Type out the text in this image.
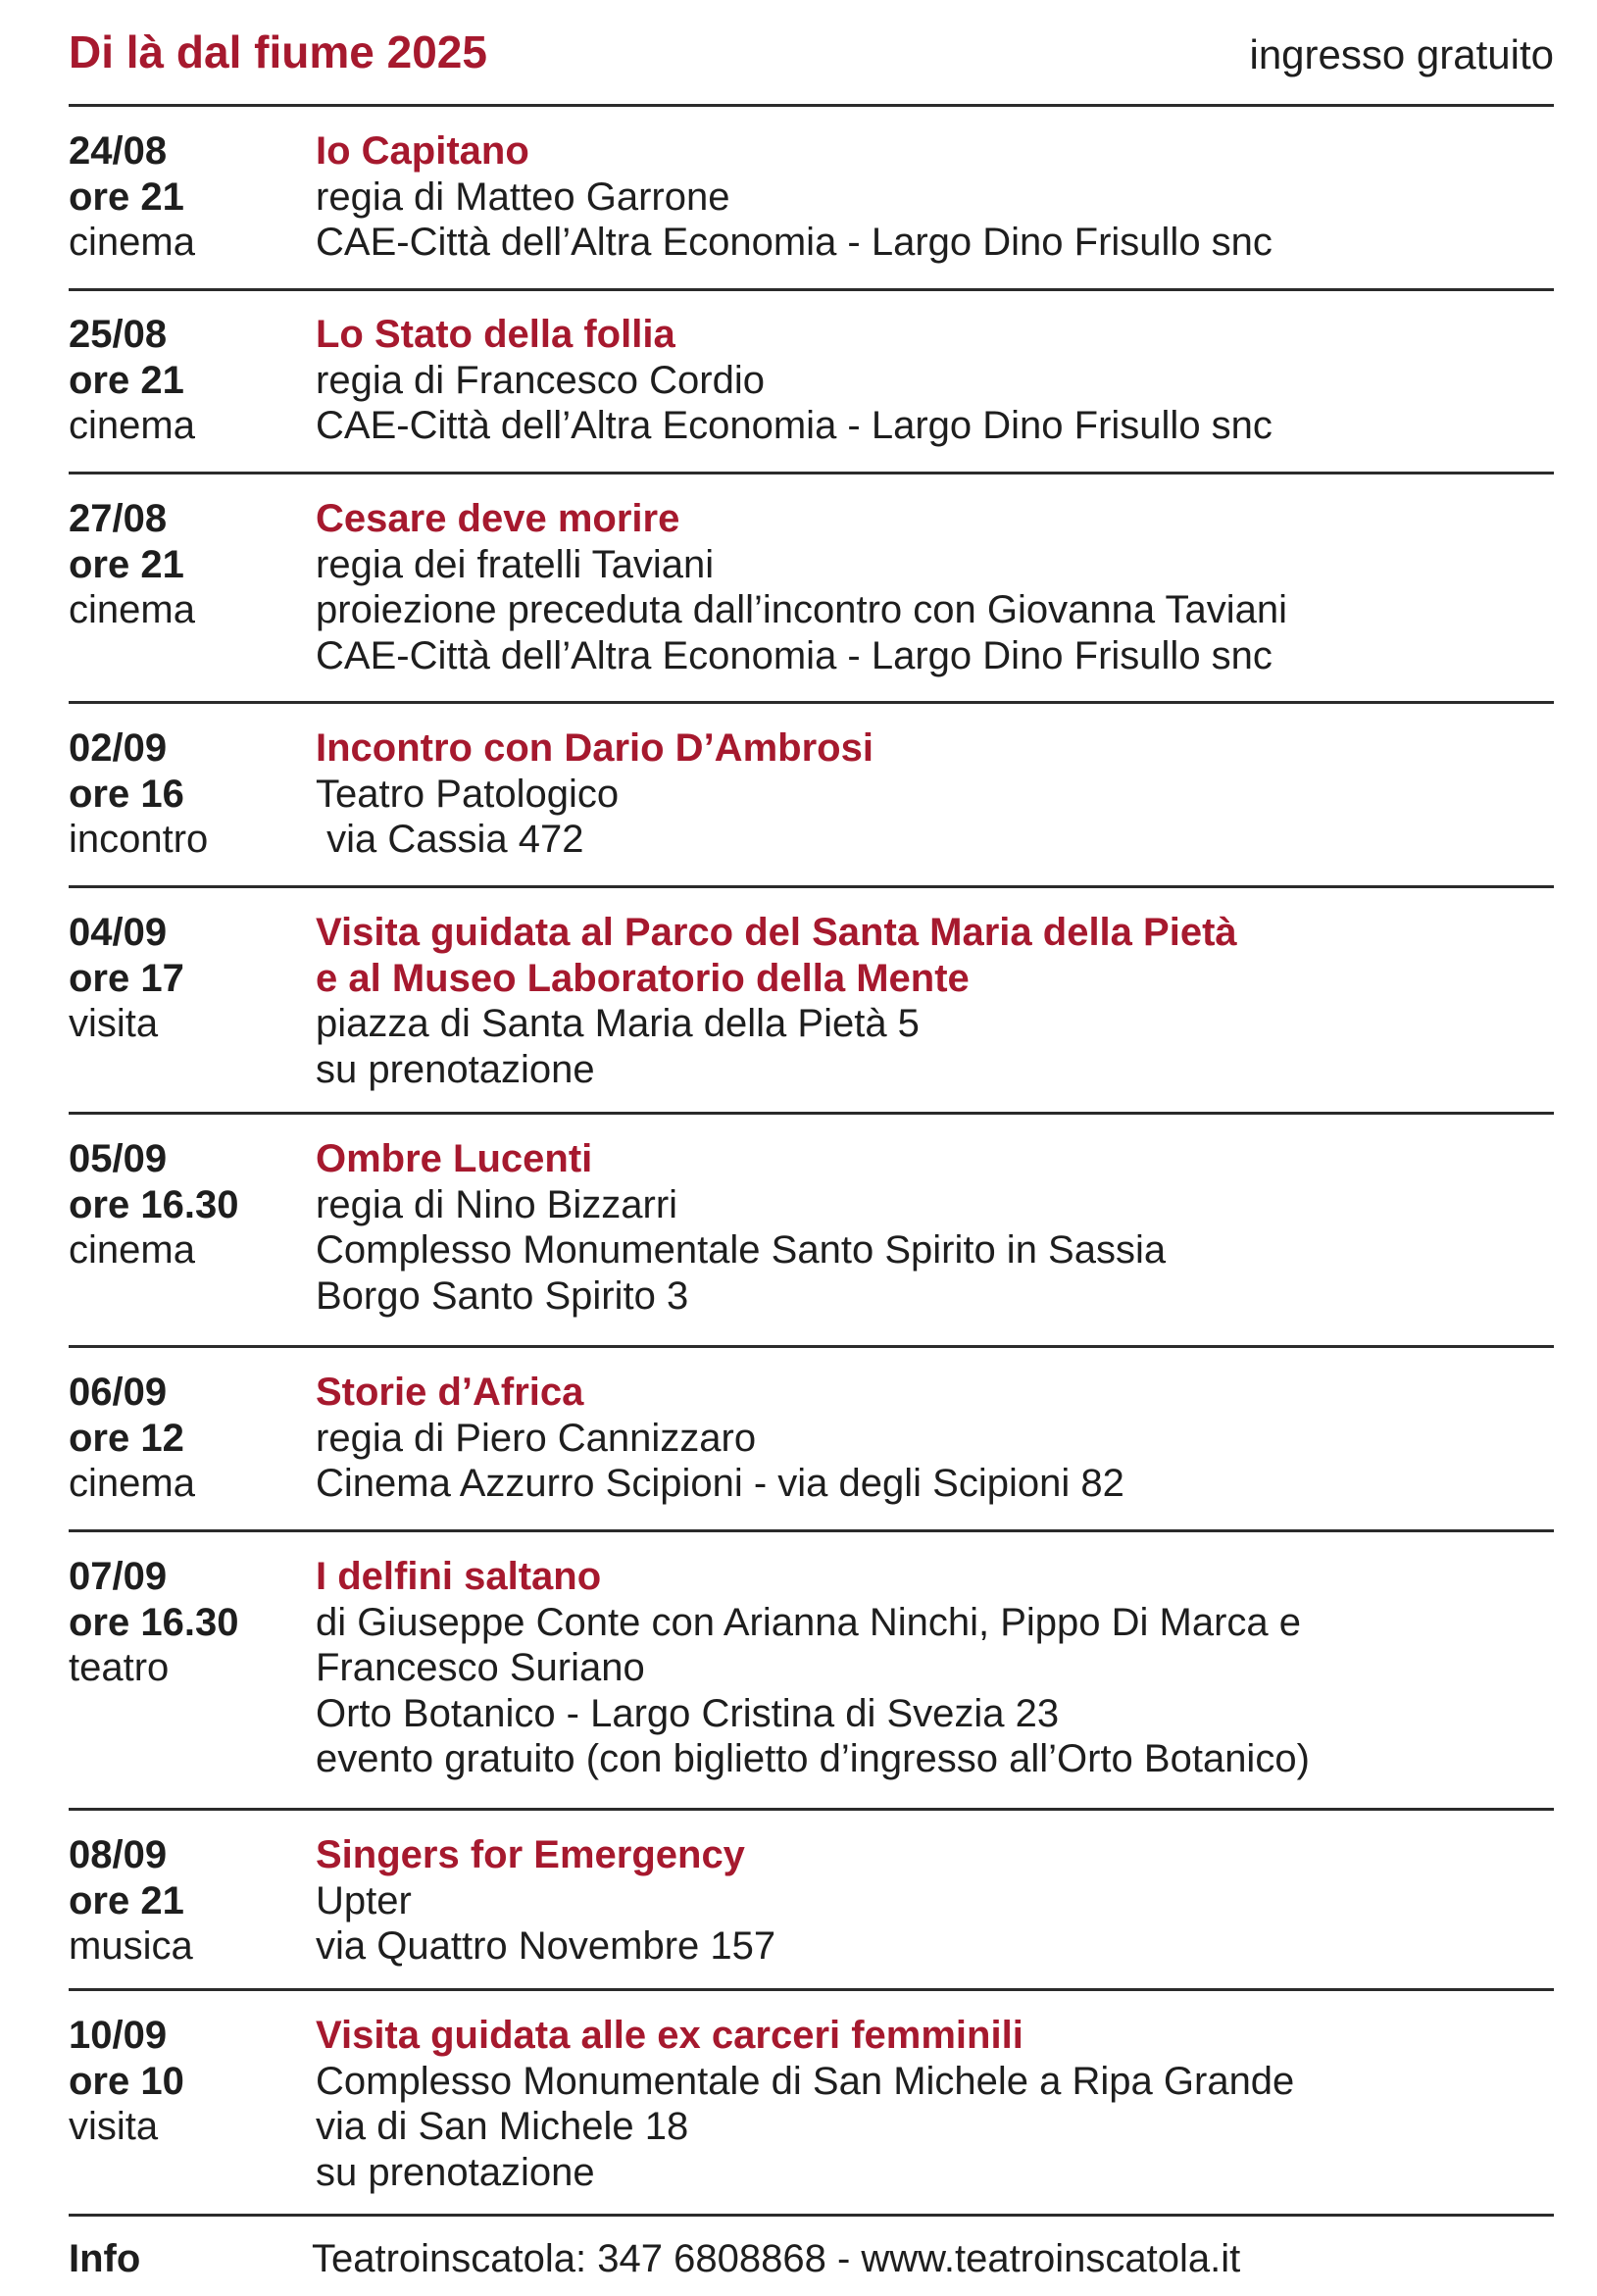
Di là dal fiume 2025	ingresso gratuito
24/08
ore 21
cinema
Io Capitano
regia di Matteo Garrone
CAE-Città dell’Altra Economia - Largo Dino Frisullo snc
25/08
ore 21
cinema
Lo Stato della follia
regia di Francesco Cordio
CAE-Città dell’Altra Economia - Largo Dino Frisullo snc
27/08
ore 21
cinema
Cesare deve morire
regia dei fratelli Taviani
proiezione preceduta dall’incontro con Giovanna Taviani
CAE-Città dell’Altra Economia - Largo Dino Frisullo snc
02/09
ore 16
incontro
Incontro con Dario D’Ambrosi
Teatro Patologico
via Cassia 472
04/09
ore 17
visita
Visita guidata al Parco del Santa Maria della Pietà
e al Museo Laboratorio della Mente
piazza di Santa Maria della Pietà 5
su prenotazione
05/09
ore 16.30
cinema
Ombre Lucenti
regia di Nino Bizzarri
Complesso Monumentale Santo Spirito in Sassia
Borgo Santo Spirito 3
06/09
ore 12
cinema
Storie d’Africa
regia di Piero Cannizzaro
Cinema Azzurro Scipioni - via degli Scipioni 82
07/09
ore 16.30
teatro
I delfini saltano
di Giuseppe Conte con Arianna Ninchi, Pippo Di Marca e
Francesco Suriano
Orto Botanico - Largo Cristina di Svezia 23
evento gratuito (con biglietto d’ingresso all’Orto Botanico)
08/09
ore 21
musica
Singers for Emergency
Upter
via Quattro Novembre 157
10/09
ore 10
visita
Visita guidata alle ex carceri femminili
Complesso Monumentale di San Michele a Ripa Grande
via di San Michele 18
su prenotazione
Info	Teatroinscatola: 347 6808868 - www.teatroinscatola.it
